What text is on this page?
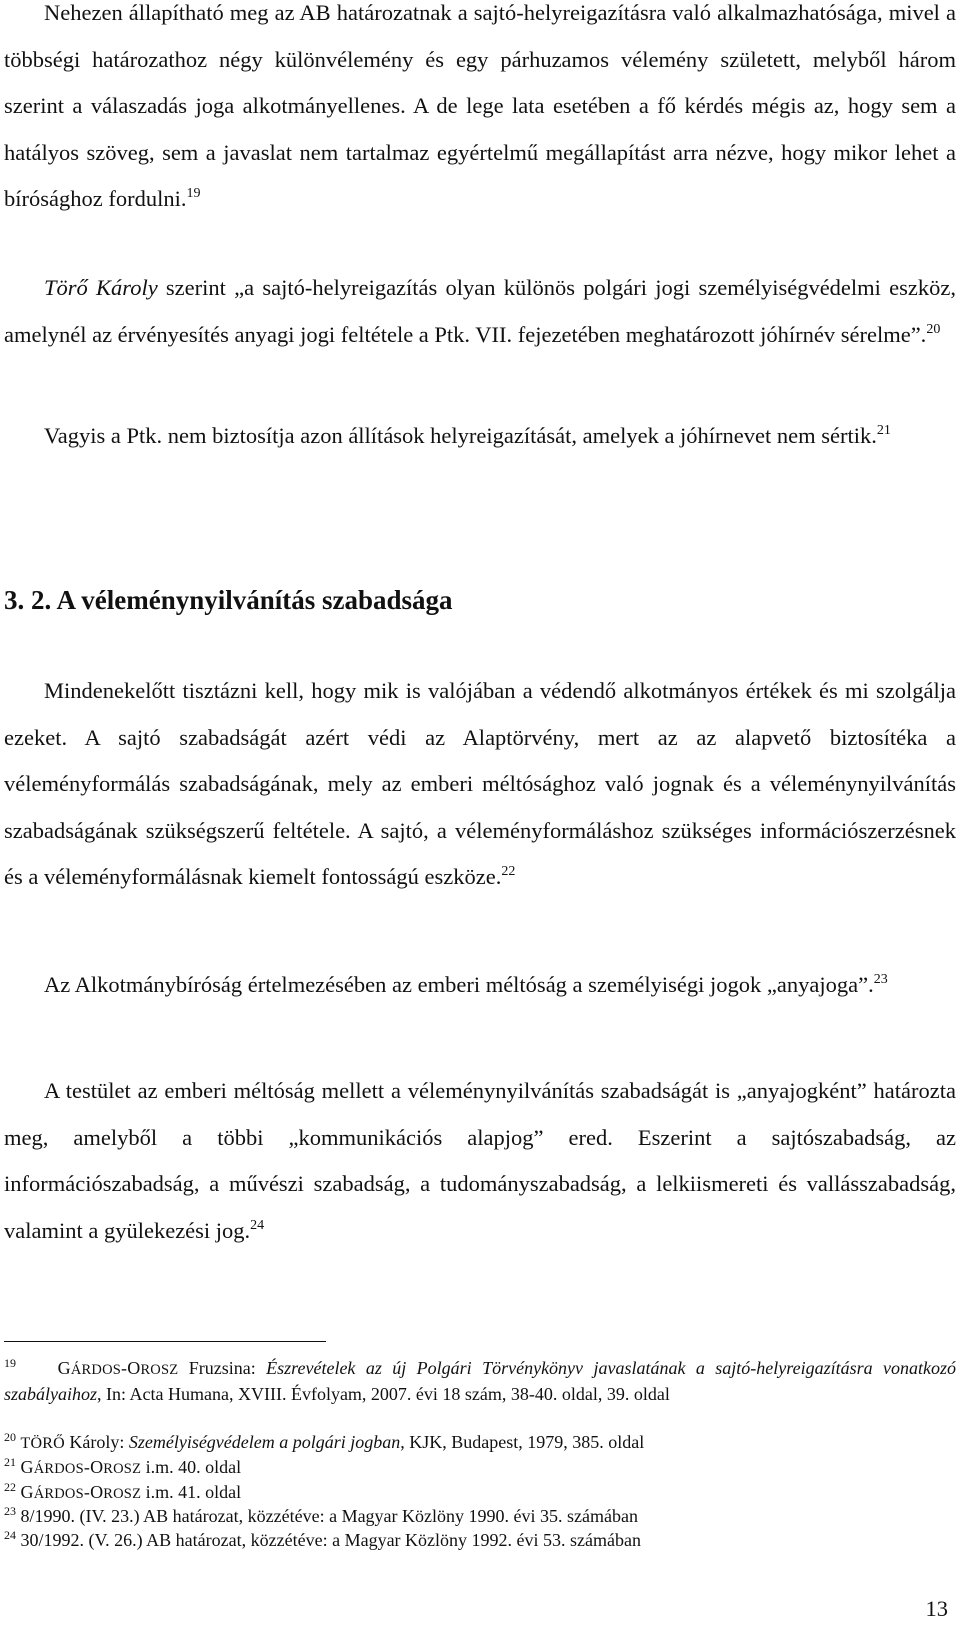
Nehezen állapítható meg az AB határozatnak a sajtó-helyreigazításra való alkalmazhatósága, mivel a többségi határozathoz négy különvélemény és egy párhuzamos vélemény született, melyből három szerint a válaszadás joga alkotmányellenes. A de lege lata esetében a fő kérdés mégis az, hogy sem a hatályos szöveg, sem a javaslat nem tartalmaz egyértelmű megállapítást arra nézve, hogy mikor lehet a bírósághoz fordulni.$^{19}$

Törő Károly szerint „a sajtó-helyreigazítás olyan különös polgári jogi személyiségvédelmi eszköz, amelynél az érvényesítés anyagi jogi feltétele a Ptk. VII. fejezetében meghatározott jóhírnév sérelme”.$^{20}$

Vagyis a Ptk. nem biztosítja azon állítások helyreigazítását, amelyek a jóhírnevet nem sértik.$^{21}$

3. 2. A véleménynyilvánítás szabadsága

Mindenekelőtt tisztázni kell, hogy mik is valójában a védendő alkotmányos értékek és mi szolgálja ezeket. A sajtó szabadságát azért védi az Alaptörvény, mert az az alapvető biztosítéka a véleményformálás szabadságának, mely az emberi méltósághoz való jognak és a véleménynyilvánítás szabadságának szükségszerű feltétele. A sajtó, a véleményformáláshoz szükséges információszerzésnek és a véleményformálásnak kiemelt fontosságú eszköze.$^{22}$

Az Alkotmánybíróság értelmezésében az emberi méltóság a személyiségi jogok „anyajoga”.$^{23}$

A testület az emberi méltóság mellett a véleménynyilvánítás szabadságát is „anyajogként” határozta meg, amelyből a többi „kommunikációs alapjog” ered. Eszerint a sajtószabadság, az információszabadság, a művészi szabadság, a tudományszabadság, a lelkiismereti és vallásszabadság, valamint a gyülekezési jog.$^{24}$

$^{19}$ GÁRDOS-OROSZ Fruzsina: Észrevételek az új Polgári Törvénykönyv javaslatának a sajtó-helyreigazításra vonatkozó szabályaihoz, In: Acta Humana, XVIII. Évfolyam, 2007. évi 18 szám, 38-40. oldal, 39. oldal

$^{20}$ TÖRŐ Károly: Személyiségvédelem a polgári jogban, KJK, Budapest, 1979, 385. oldal

$^{21}$ GÁRDOS-OROSZ i.m. 40. oldal

$^{22}$ GÁRDOS-OROSZ i.m. 41. oldal

$^{23}$ 8/1990. (IV. 23.) AB határozat, közzétéve: a Magyar Közlöny 1990. évi 35. számában

$^{24}$ 30/1992. (V. 26.) AB határozat, közzétéve: a Magyar Közlöny 1992. évi 53. számában

13
